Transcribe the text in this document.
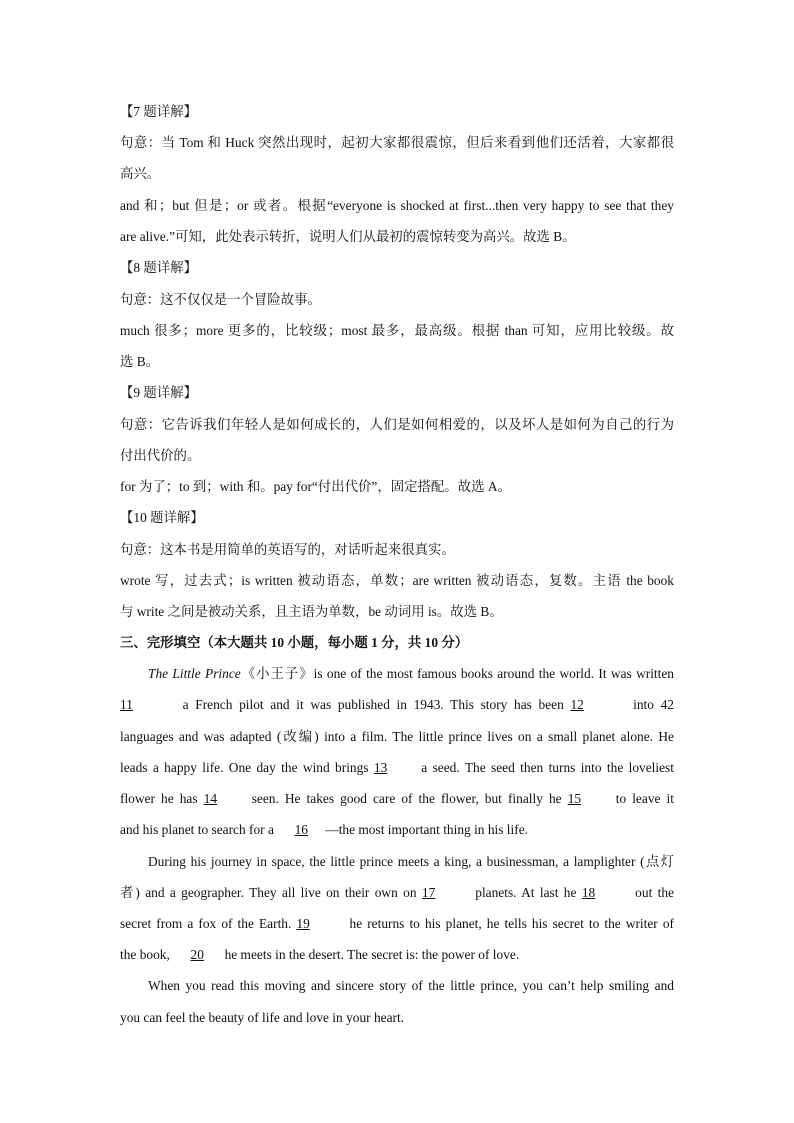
【7 题详解】
句意：当 Tom 和 Huck 突然出现时，起初大家都很震惊，但后来看到他们还活着，大家都很
高兴。
and 和；but 但是；or 或者。根据“everyone is shocked at first...then very happy to see that they
are alive.”可知，此处表示转折，说明人们从最初的震惊转变为高兴。故选 B。
【8 题详解】
句意：这不仅仅是一个冒险故事。
much 很多；more 更多的，比较级；most 最多，最高级。根据 than 可知，应用比较级。故
选 B。
【9 题详解】
句意：它告诉我们年轻人是如何成长的，人们是如何相爱的，以及坏人是如何为自己的行为
付出代价的。
for 为了；to 到；with 和。pay for“付出代价”，固定搭配。故选 A。
【10 题详解】
句意：这本书是用简单的英语写的，对话听起来很真实。
wrote 写，过去式；is written 被动语态，单数；are written 被动语态，复数。主语 the book
与 write 之间是被动关系，且主语为单数，be 动词用 is。故选 B。
三、完形填空（本大题共 10 小题，每小题 1 分，共 10 分）
The Little Prince《小王子》is one of the most famous books around the world. It was written
11	a French pilot and it was published in 1943. This story has been 12	into 42
languages and was adapted (改编) into a film. The little prince lives on a small planet alone. He
leads a happy life. One day the wind brings 13	a seed. The seed then turns into the loveliest
flower he has 14	seen. He takes good care of the flower, but finally he 15	to leave it
and his planet to search for a 16 —the most important thing in his life.
During his journey in space, the little prince meets a king, a businessman, a lamplighter (点灯
者) and a geographer. They all live on their own on 17	planets. At last he 18	out the
secret from a fox of the Earth. 19	he returns to his planet, he tells his secret to the writer of
the book, 20 he meets in the desert. The secret is: the power of love.
When you read this moving and sincere story of the little prince, you can’t help smiling and
you can feel the beauty of life and love in your heart.
